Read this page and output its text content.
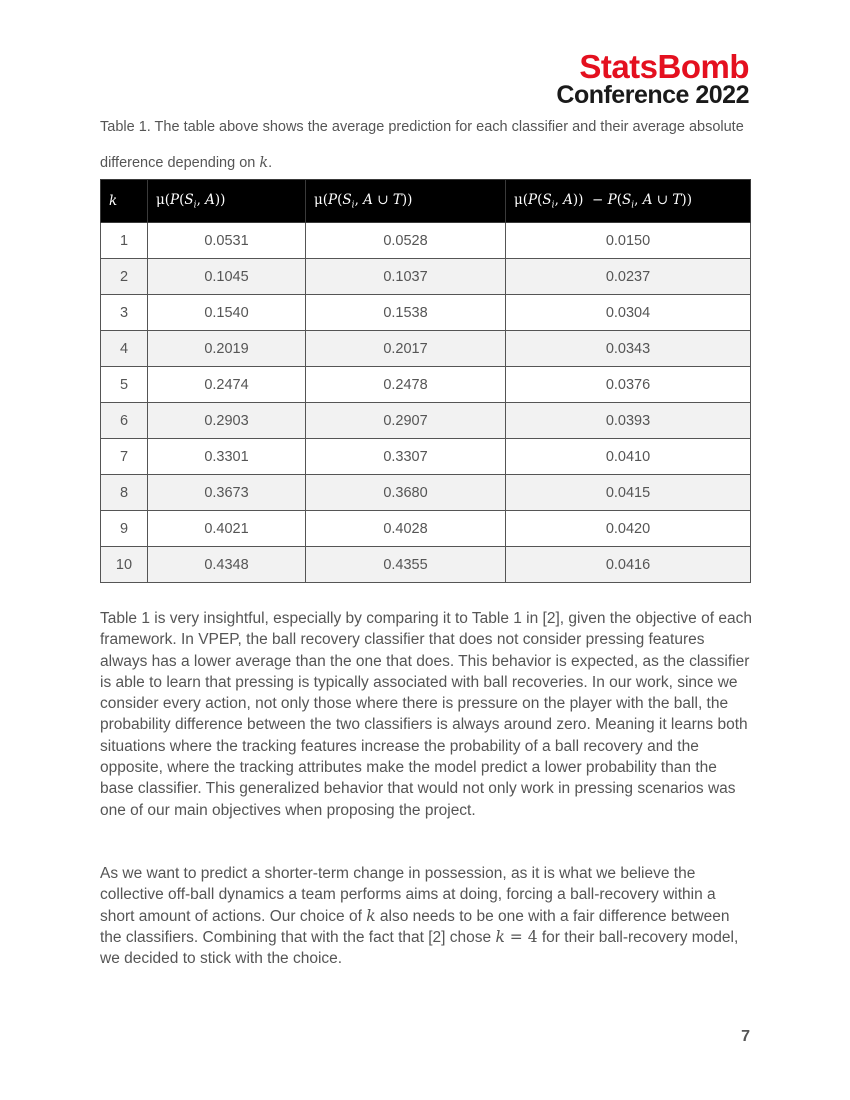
StatsBomb
Conference 2022
Table 1. The table above shows the average prediction for each classifier and their average absolute difference depending on k.
k	$\mu(P(S_i$, A))	$\mu(P(S_i$, A ∪ T))	$\mu(P(S_i$, $A)) - P(S_i$, A ∪ T))
1	0.0531	0.0528	0.0150
2	0.1045	0.1037	0.0237
3	0.1540	0.1538	0.0304
4	0.2019	0.2017	0.0343
5	0.2474	0.2478	0.0376
6	0.2903	0.2907	0.0393
7	0.3301	0.3307	0.0410
8	0.3673	0.3680	0.0415
9	0.4021	0.4028	0.0420
10	0.4348	0.4355	0.0416

Table 1 is very insightful, especially by comparing it to Table 1 in [2], given the objective of each framework. In VPEP, the ball recovery classifier that does not consider pressing features always has a lower average than the one that does. This behavior is expected, as the classifier is able to learn that pressing is typically associated with ball recoveries. In our work, since we consider every action, not only those where there is pressure on the player with the ball, the probability difference between the two classifiers is always around zero. Meaning it learns both situations where the tracking features increase the probability of a ball recovery and the opposite, where the tracking attributes make the model predict a lower probability than the base classifier. This generalized behavior that would not only work in pressing scenarios was one of our main objectives when proposing the project.

As we want to predict a shorter-term change in possession, as it is what we believe the collective off-ball dynamics a team performs aims at doing, forcing a ball-recovery within a short amount of actions. Our choice of k also needs to be one with a fair difference between the classifiers. Combining that with the fact that [2] chose k = 4 for their ball-recovery model, we decided to stick with the choice.

7
